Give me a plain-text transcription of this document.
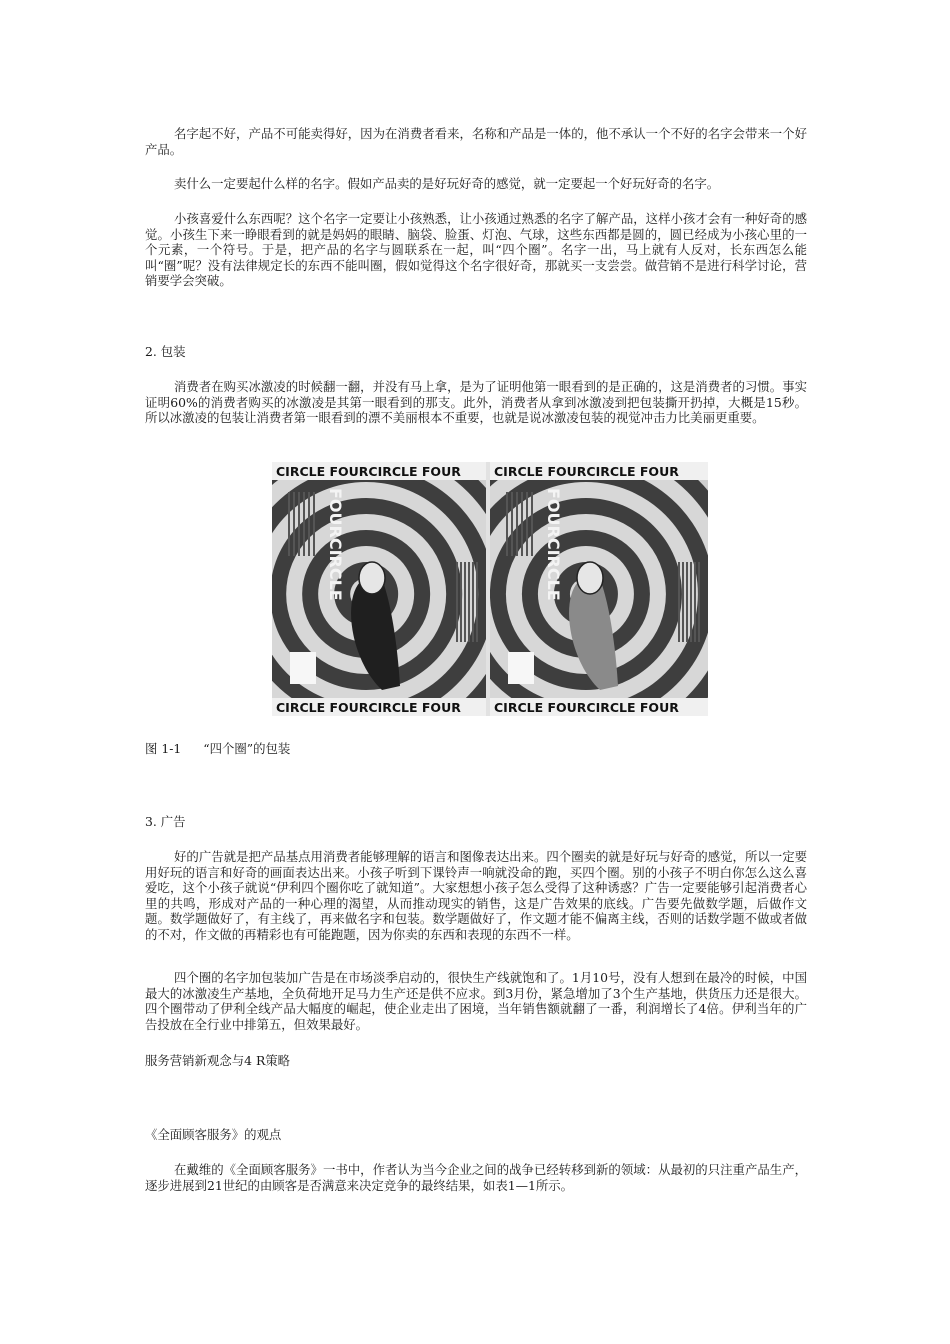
名字起不好，产品不可能卖得好，因为在消费者看来，名称和产品是一体的，他不承认一个不好的名字会带来一个好产品。

卖什么一定要起什么样的名字。假如产品卖的是好玩好奇的感觉，就一定要起一个好玩好奇的名字。

小孩喜爱什么东西呢？这个名字一定要让小孩熟悉，让小孩通过熟悉的名字了解产品，这样小孩才会有一种好奇的感觉。小孩生下来一睁眼看到的就是妈妈的眼睛、脑袋、脸蛋、灯泡、气球，这些东西都是圆的，圆已经成为小孩心里的一个元素，一个符号。于是，把产品的名字与圆联系在一起，叫“四个圈”。名字一出，马上就有人反对，长东西怎么能叫“圈”呢？没有法律规定长的东西不能叫圈，假如觉得这个名字很好奇，那就买一支尝尝。做营销不是进行科学讨论，营销要学会突破。

2. 包装

消费者在购买冰激凌的时候翻一翻，并没有马上拿，是为了证明他第一眼看到的是正确的，这是消费者的习惯。事实证明60%的消费者购买的冰激凌是其第一眼看到的那支。此外，消费者从拿到冰激凌到把包装撕开扔掉，大概是15秒。所以冰激凌的包装让消费者第一眼看到的漂不美丽根本不重要，也就是说冰激凌包装的视觉冲击力比美丽更重要。

CIRCLE FOURCIRCLE FOUR
CIRCLE FOURCIRCLE FOUR
FOURCIRCLE
CIRCLE FOURCIRCLE FOUR
CIRCLE FOURCIRCLE FOUR
FOURCIRCLE
图 1-1 “四个圈”的包装

3. 广告

好的广告就是把产品基点用消费者能够理解的语言和图像表达出来。四个圈卖的就是好玩与好奇的感觉，所以一定要用好玩的语言和好奇的画面表达出来。小孩子听到下课铃声一响就没命的跑，买四个圈。别的小孩子不明白你怎么这么喜爱吃，这个小孩子就说“伊利四个圈你吃了就知道”。大家想想小孩子怎么受得了这种诱惑？广告一定要能够引起消费者心里的共鸣，形成对产品的一种心理的渴望，从而推动现实的销售，这是广告效果的底线。广告要先做数学题，后做作文题。数学题做好了，有主线了，再来做名字和包装。数学题做好了，作文题才能不偏离主线，否则的话数学题不做或者做的不对，作文做的再精彩也有可能跑题，因为你卖的东西和表现的东西不一样。

四个圈的名字加包装加广告是在市场淡季启动的，很快生产线就饱和了。1月10号，没有人想到在最冷的时候，中国最大的冰激凌生产基地，全负荷地开足马力生产还是供不应求。到3月份，紧急增加了3个生产基地，供货压力还是很大。四个圈带动了伊利全线产品大幅度的崛起，使企业走出了困境，当年销售额就翻了一番，利润增长了4倍。伊利当年的广告投放在全行业中排第五，但效果最好。

服务营销新观念与4 R策略

《全面顾客服务》的观点

在戴维的《全面顾客服务》一书中，作者认为当今企业之间的战争已经转移到新的领域：从最初的只注重产品生产，逐步进展到21世纪的由顾客是否满意来决定竞争的最终结果，如表1—1所示。
